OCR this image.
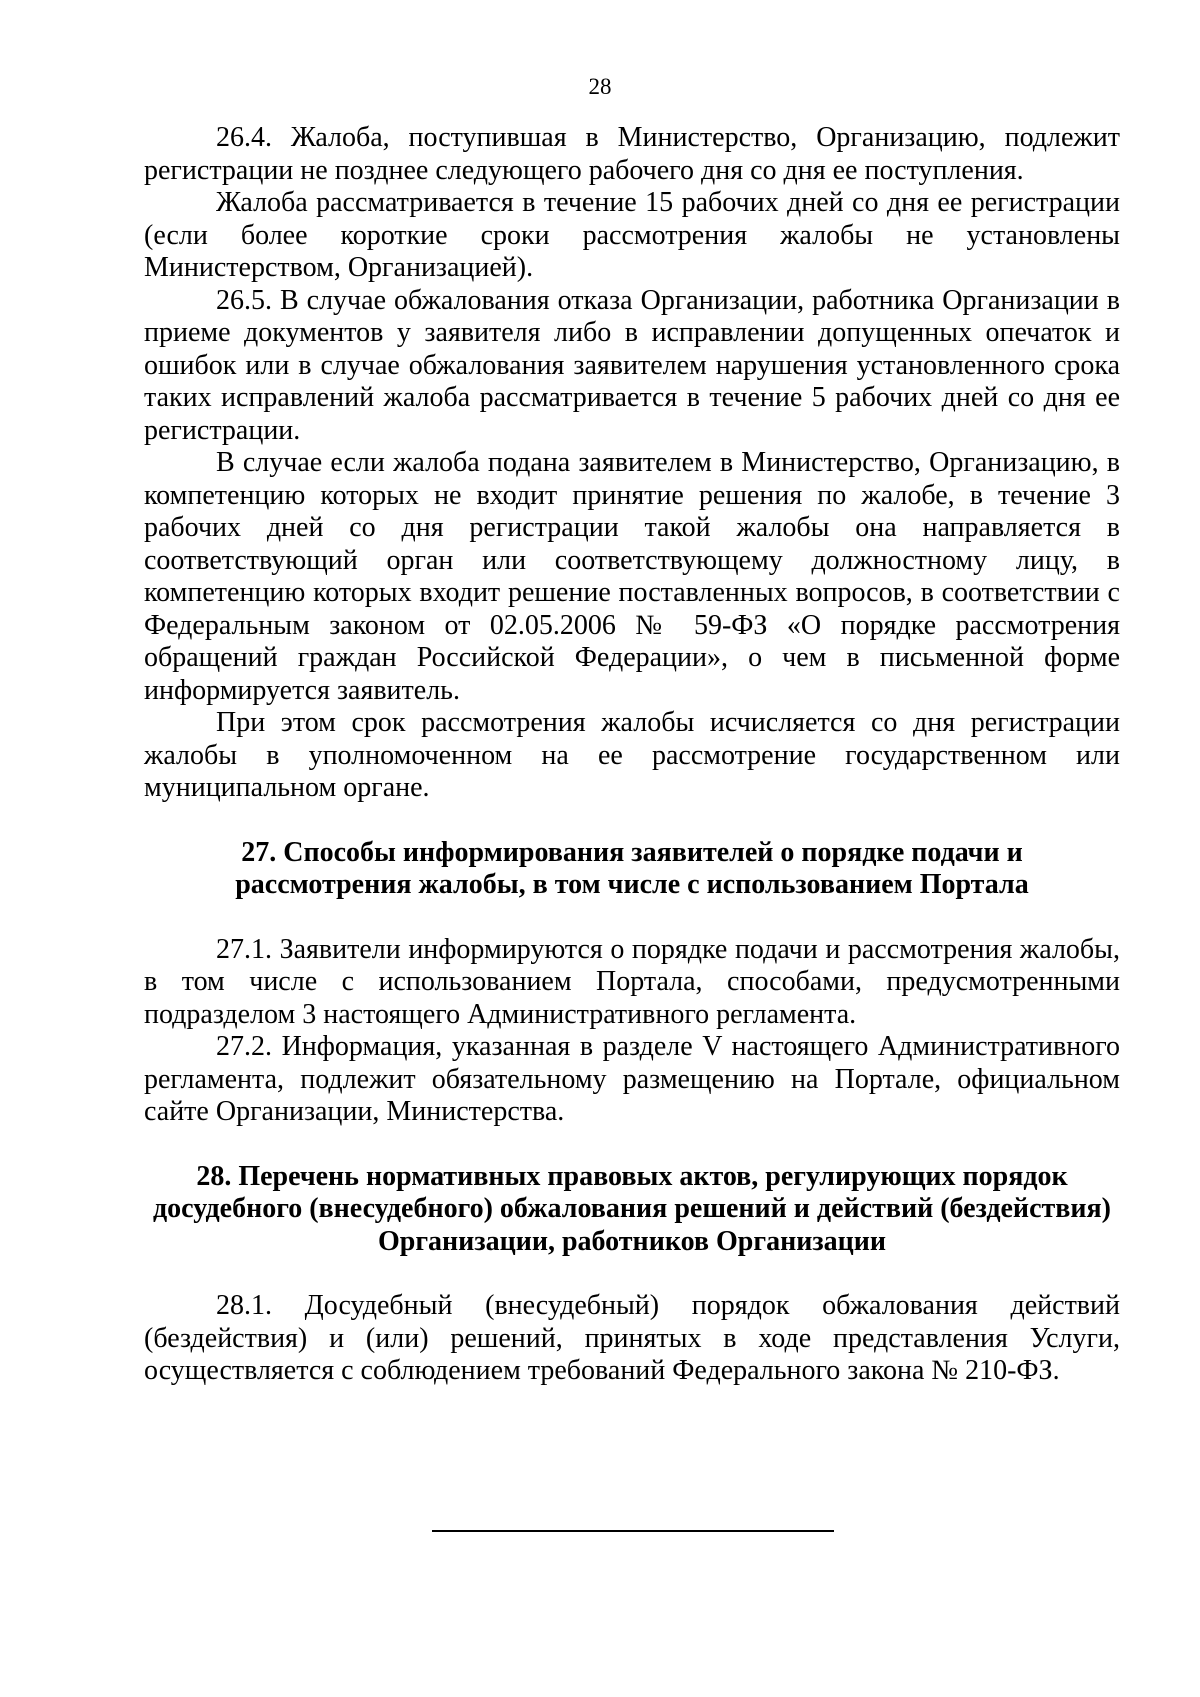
28

26.4. Жалоба, поступившая в Министерство, Организацию, подлежит регистрации не позднее следующего рабочего дня со дня ее поступления.

Жалоба рассматривается в течение 15 рабочих дней со дня ее регистрации (если более короткие сроки рассмотрения жалобы не установлены Министерством, Организацией).

26.5. В случае обжалования отказа Организации, работника Организации в приеме документов у заявителя либо в исправлении допущенных опечаток и ошибок или в случае обжалования заявителем нарушения установленного срока таких исправлений жалоба рассматривается в течение 5 рабочих дней со дня ее регистрации.

В случае если жалоба подана заявителем в Министерство, Организацию, в компетенцию которых не входит принятие решения по жалобе, в течение 3 рабочих дней со дня регистрации такой жалобы она направляется в соответствующий орган или соответствующему должностному лицу, в компетенцию которых входит решение поставленных вопросов, в соответствии с Федеральным законом от 02.05.2006 № 59-ФЗ «О порядке рассмотрения обращений граждан Российской Федерации», о чем в письменной форме информируется заявитель.

При этом срок рассмотрения жалобы исчисляется со дня регистрации жалобы в уполномоченном на ее рассмотрение государственном или муниципальном органе.

27. Способы информирования заявителей о порядке подачи и рассмотрения жалобы, в том числе с использованием Портала

27.1. Заявители информируются о порядке подачи и рассмотрения жалобы, в том числе с использованием Портала, способами, предусмотренными подразделом 3 настоящего Административного регламента.

27.2. Информация, указанная в разделе V настоящего Административного регламента, подлежит обязательному размещению на Портале, официальном сайте Организации, Министерства.

28. Перечень нормативных правовых актов, регулирующих порядок досудебного (внесудебного) обжалования решений и действий (бездействия) Организации, работников Организации

28.1. Досудебный (внесудебный) порядок обжалования действий (бездействия) и (или) решений, принятых в ходе представления Услуги, осуществляется с соблюдением требований Федерального закона № 210-ФЗ.
